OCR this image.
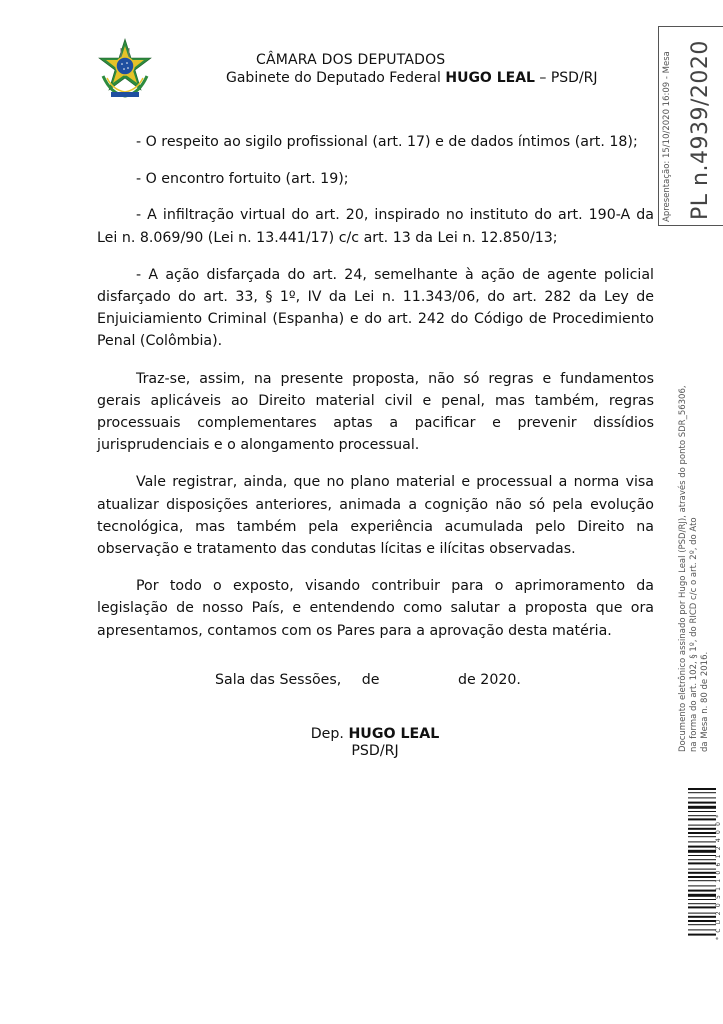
CÂMARA DOS DEPUTADOS
Gabinete do Deputado Federal HUGO LEAL – PSD/RJ

- O respeito ao sigilo profissional (art. 17) e de dados íntimos (art. 18);

- O encontro fortuito (art. 19);

- A infiltração virtual do art. 20, inspirado no instituto do art. 190-A da Lei n. 8.069/90 (Lei n. 13.441/17) c/c art. 13 da Lei n. 12.850/13;

- A ação disfarçada do art. 24, semelhante à ação de agente policial disfarçado do art. 33, § 1º, IV da Lei n. 11.343/06, do art. 282 da Ley de Enjuiciamiento Criminal (Espanha) e do art. 242 do Código de Procedimiento Penal (Colômbia).

Traz-se, assim, na presente proposta, não só regras e fundamentos gerais aplicáveis ao Direito material civil e penal, mas também, regras processuais complementares aptas a pacificar e prevenir dissídios jurisprudenciais e o alongamento processual.

Vale registrar, ainda, que no plano material e processual a norma visa atualizar disposições anteriores, animada a cognição não só pela evolução tecnológica, mas também pela experiência acumulada pelo Direito na observação e tratamento das condutas lícitas e ilícitas observadas.

Por todo o exposto, visando contribuir para o aprimoramento da legislação de nosso País, e entendendo como salutar a proposta que ora apresentamos, contamos com os Pares para a aprovação desta matéria.

Sala das Sessões, de	de 2020.
Dep. HUGO LEAL
PSD/RJ
Apresentação: 15/10/2020 16:09 - Mesa PL n.4939/2020
Documento eletrônico assinado por Hugo Leal (PSD/RJ), através do ponto SDR_56306, na forma do art. 102, § 1º, do RICD c/c o art. 2º, do Ato da Mesa n. 80 de 2016.
* C D 2 0 5 1 1 0 6 1 2 4 0 0 *
